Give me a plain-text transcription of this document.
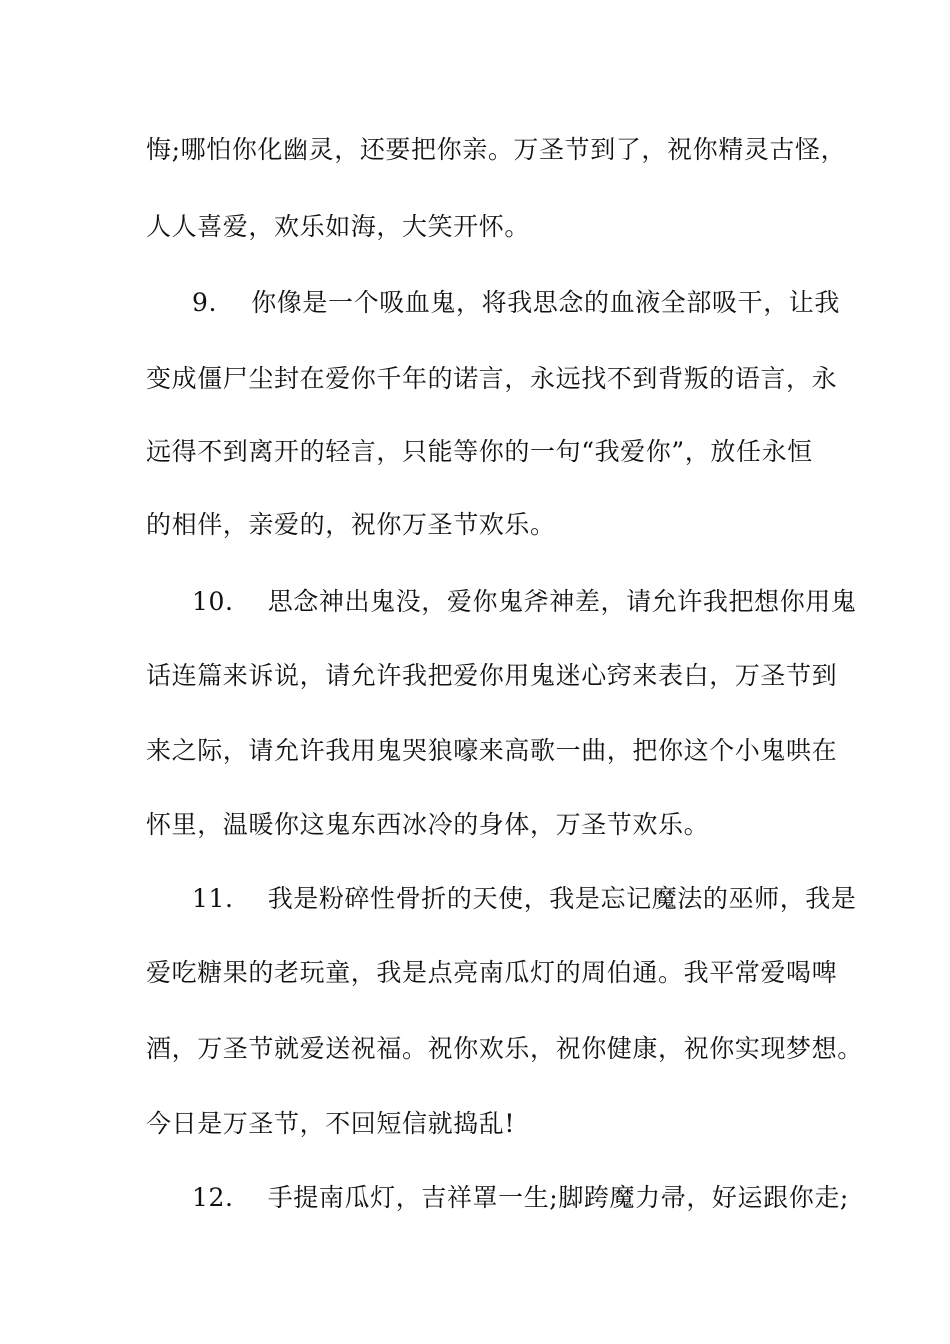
悔;哪怕你化幽灵，还要把你亲。万圣节到了，祝你精灵古怪，
人人喜爱，欢乐如海，大笑开怀。
9.　 你像是一个吸血鬼，将我思念的血液全部吸干，让我
变成僵尸尘封在爱你千年的诺言，永远找不到背叛的语言，永
远得不到离开的轻言，只能等你的一句“我爱你”，放任永恒
的相伴，亲爱的，祝你万圣节欢乐。
10.　 思念神出鬼没，爱你鬼斧神差，请允许我把想你用鬼
话连篇来诉说，请允许我把爱你用鬼迷心窍来表白，万圣节到
来之际，请允许我用鬼哭狼嚎来高歌一曲，把你这个小鬼哄在
怀里，温暖你这鬼东西冰冷的身体，万圣节欢乐。
11.　 我是粉碎性骨折的天使，我是忘记魔法的巫师，我是
爱吃糖果的老玩童，我是点亮南瓜灯的周伯通。我平常爱喝啤
酒，万圣节就爱送祝福。祝你欢乐，祝你健康，祝你实现梦想。
今日是万圣节，不回短信就捣乱!
12.　 手提南瓜灯，吉祥罩一生;脚跨魔力帚，好运跟你走;
